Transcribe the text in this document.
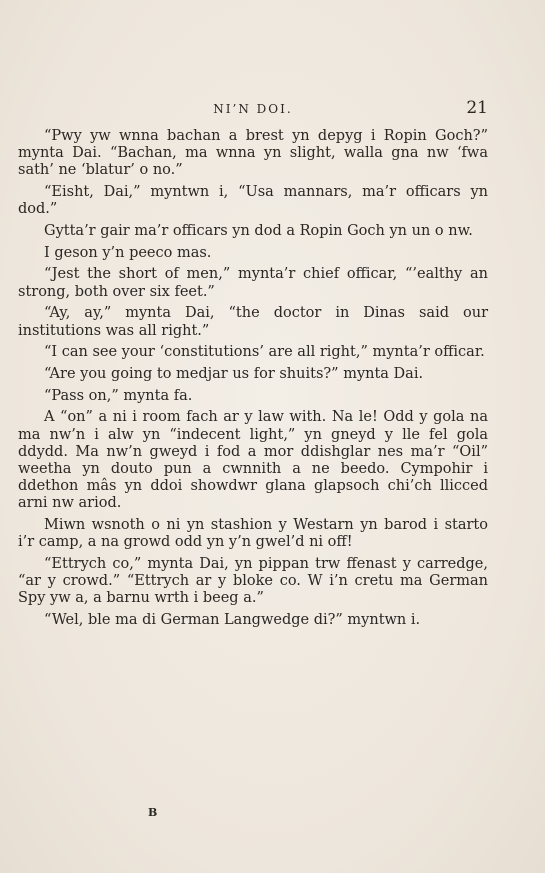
NI’N DOI.	21

“Pwy yw wnna bachan a brest yn depyg i Ropin Goch?” mynta Dai. “Bachan, ma wnna yn slight, walla gna nw ‘fwa sath’ ne ‘blatur’ o no.”

“Eisht, Dai,” myntwn i, “Usa mannars, ma’r officars yn dod.”

Gytta’r gair ma’r officars yn dod a Ropin Goch yn un o nw.

I geson y’n peeco mas.

“Jest the short of men,” mynta’r chief officar, “’ealthy an strong, both over six feet.”

“Ay, ay,” mynta Dai, “the doctor in Dinas said our institutions was all right.”

“I can see your ‘constitutions’ are all right,” mynta’r officar.

“Are you going to medjar us for shuits?” mynta Dai.

“Pass on,” mynta fa.

A “on” a ni i room fach ar y law with. Na le! Odd y gola na ma nw’n i alw yn “indecent light,” yn gneyd y lle fel gola ddydd. Ma nw’n gweyd i fod a mor ddishglar nes ma’r “Oil” weetha yn douto pun a cwnnith a ne beedo. Cympohir i ddethon mâs yn ddoi showdwr glana glapsoch chi’ch llicced arni nw ariod.

Miwn wsnoth o ni yn stashion y Westarn yn barod i starto i’r camp, a na growd odd yn y’n gwel’d ni off!

“Ettrych co,” mynta Dai, yn pippan trw ffenast y carredge, “ar y crowd.” “Ettrych ar y bloke co. W i’n cretu ma German Spy yw a, a barnu wrth i beeg a.”

“Wel, ble ma di German Langwedge di?” myntwn i.

B
